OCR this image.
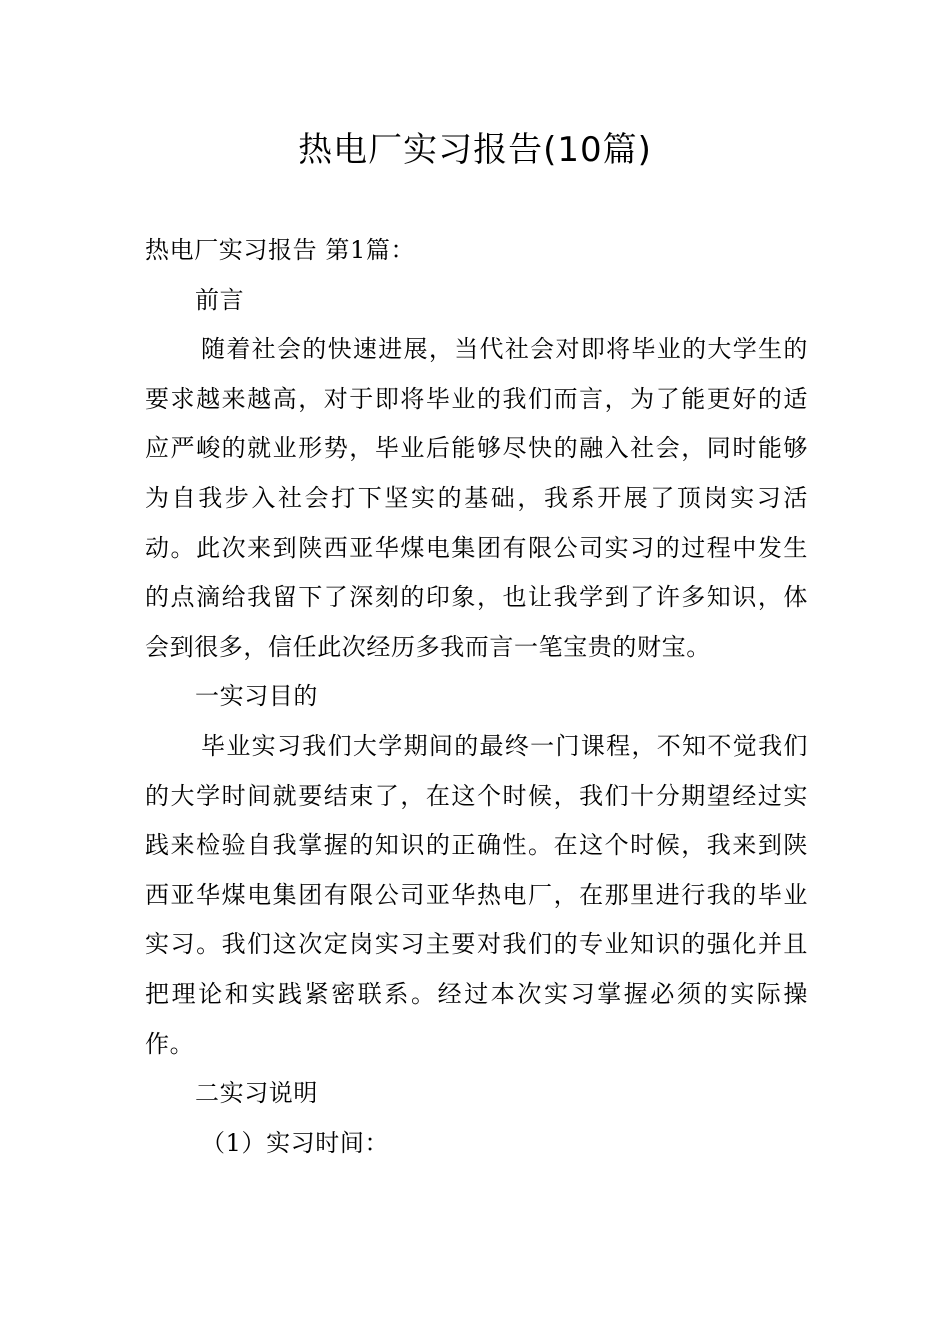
热电厂实习报告(10篇)

热电厂实习报告 第1篇：

前言

随着社会的快速进展，当代社会对即将毕业的大学生的要求越来越高，对于即将毕业的我们而言，为了能更好的适应严峻的就业形势，毕业后能够尽快的融入社会，同时能够为自我步入社会打下坚实的基础，我系开展了顶岗实习活动。此次来到陕西亚华煤电集团有限公司实习的过程中发生的点滴给我留下了深刻的印象，也让我学到了许多知识，体会到很多，信任此次经历多我而言一笔宝贵的财宝。

一实习目的

毕业实习我们大学期间的最终一门课程，不知不觉我们的大学时间就要结束了，在这个时候，我们十分期望经过实践来检验自我掌握的知识的正确性。在这个时候，我来到陕西亚华煤电集团有限公司亚华热电厂，在那里进行我的毕业实习。我们这次定岗实习主要对我们的专业知识的强化并且把理论和实践紧密联系。经过本次实习掌握必须的实际操作。

二实习说明

（1）实习时间：
